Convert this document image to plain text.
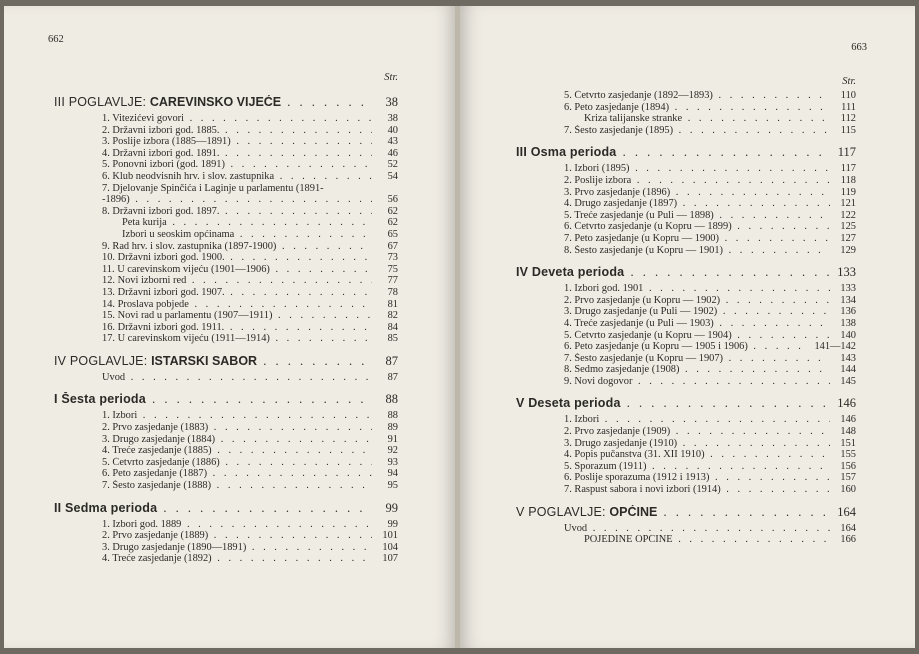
662
Str.
III POGLAVLJE: CAREVINSKO VIJEĆE . . .	38
1. Vitezićevi govori . . .	38
2. Državni izbori god. 1885. . . .	40
3. Poslije izbora (1885—1891) . . .	43
4. Državni izbori god. 1891. . . .	46
5. Ponovni izbori (god. 1891) . . .	52
6. Klub neodvisnih hrv. i slov. zastupnika . . .	54
7. Djelovanje Spinčića i Laginje u parlamentu (1891-
-1896) . . .	56
8. Državni izbori god. 1897. . . .	62
Peta kurija . . .	62
Izbori u seoskim općinama . . .	65
9. Rad hrv. i slov. zastupnika (1897-1900) . . .	67
10. Državni izbori god. 1900. . . .	73
11. U carevinskom vijeću (1901—1906) . . .	75
12. Novi izborni red . . .	77
13. Državni izbori god. 1907. . . .	78
14. Proslava pobjede . . .	81
15. Novi rad u parlamentu (1907—1911) . . .	82
16. Državni izbori god. 1911. . . .	84
17. U carevinskom vijeću (1911—1914) . . .	85
IV POGLAVLJE: ISTARSKI SABOR . . .	87
Uvod . . .	87
I Šesta perioda . . .	88
1. Izbori . . .	88
2. Prvo zasjedanje (1883) . . .	89
3. Drugo zasjedanje (1884) . . .	91
4. Treće zasjedanje (1885) . . .	92
5. Četvrto zasjedanje (1886) . . .	93
6. Peto zasjedanje (1887) . . .	94
7. Šesto zasjedanje (1888) . . .	95
II Sedma perioda . . .	99
1. Izbori god. 1889 . . .	99
2. Prvo zasjedanje (1889) . . .	101
3. Drugo zasjedanje (1890—1891) . . .	104
4. Treće zasjedanje (1892) . . .	107
663
Str.
5. Četvrto zasjedanje (1892—1893) . . .	110
6. Peto zasjedanje (1894) . . .	111
Kriza talijanske stranke . . .	112
7. Šesto zasjedanje (1895) . . .	115
III Osma perioda . . .	117
1. Izbori (1895) . . .	117
2. Poslije izbora . . .	118
3. Prvo zasjedanje (1896) . . .	119
4. Drugo zasjedanje (1897) . . .	121
5. Treće zasjedanje (u Puli — 1898) . . .	122
6. Četvrto zasjedanje (u Kopru — 1899) . . .	125
7. Peto zasjedanje (u Kopru — 1900) . . .	127
8. Šesto zasjedanje (u Kopru — 1901) . . .	129
IV Deveta perioda . . .	133
1. Izbori god. 1901 . . .	133
2. Prvo zasjedanje (u Kopru — 1902) . . .	134
3. Drugo zasjedanje (u Puli — 1902) . . .	136
4. Treće zasjedanje (u Puli — 1903) . . .	138
5. Četvrto zasjedanje (u Kopru — 1904) . . .	140
6. Peto zasjedanje (u Kopru — 1905 i 1906) . . .	141—142
7. Šesto zasjedanje (u Kopru — 1907) . . .	143
8. Sedmo zasjedanje (1908) . . .	144
9. Novi dogovor . . .	145
V Deseta perioda . . .	146
1. Izbori . . .	146
2. Prvo zasjedanje (1909) . . .	148
3. Drugo zasjedanje (1910) . . .	151
4. Popis pučanstva (31. XII 1910) . . .	155
5. Sporazum (1911) . . .	156
6. Poslije sporazuma (1912 i 1913) . . .	157
7. Raspust sabora i novi izbori (1914) . . .	160
V POGLAVLJE: OPĆINE . . .	164
Uvod . . .	164
POJEDINE OPĆINE . . .	166
